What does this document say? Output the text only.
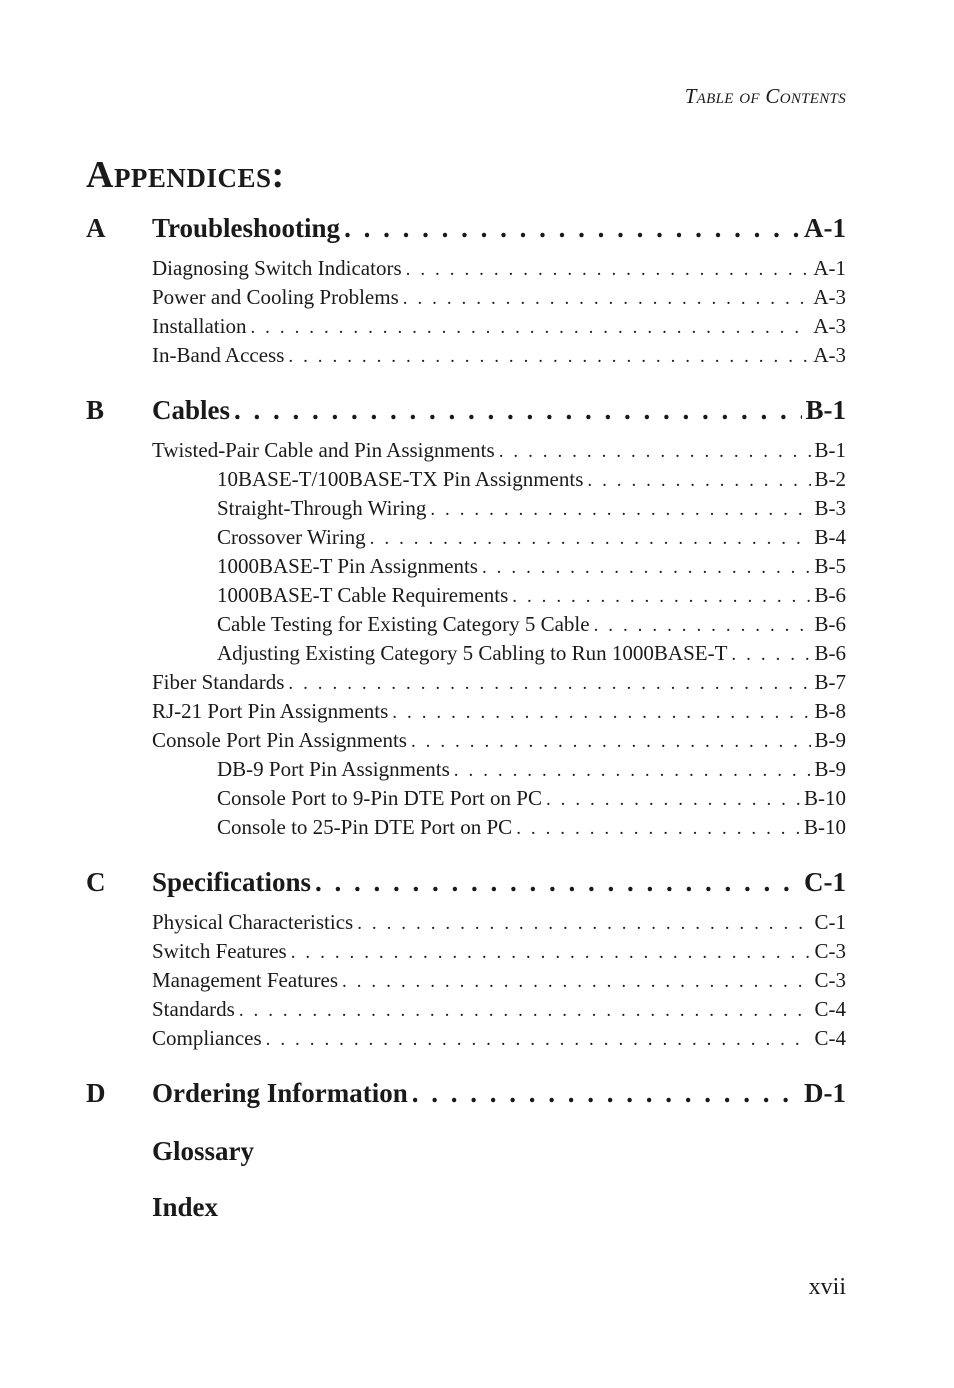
Table of Contents
Appendices:
A	Troubleshooting . . .	A-1
Diagnosing Switch Indicators . . .	A-1
Power and Cooling Problems . . .	A-3
Installation . . .	A-3
In-Band Access . . .	A-3
B	Cables . . .	B-1
Twisted-Pair Cable and Pin Assignments . . .	B-1
10BASE-T/100BASE-TX Pin Assignments . . .	B-2
Straight-Through Wiring . . .	B-3
Crossover Wiring . . .	B-4
1000BASE-T Pin Assignments . . .	B-5
1000BASE-T Cable Requirements . . .	B-6
Cable Testing for Existing Category 5 Cable . . .	B-6
Adjusting Existing Category 5 Cabling to Run 1000BASE-T . . .	B-6
Fiber Standards . . .	B-7
RJ-21 Port Pin Assignments . . .	B-8
Console Port Pin Assignments . . .	B-9
DB-9 Port Pin Assignments . . .	B-9
Console Port to 9-Pin DTE Port on PC . . .	B-10
Console to 25-Pin DTE Port on PC . . .	B-10
C	Specifications . . .	C-1
Physical Characteristics . . .	C-1
Switch Features . . .	C-3
Management Features . . .	C-3
Standards . . .	C-4
Compliances . . .	C-4
D	Ordering Information . . .	D-1
Glossary
Index
xvii
